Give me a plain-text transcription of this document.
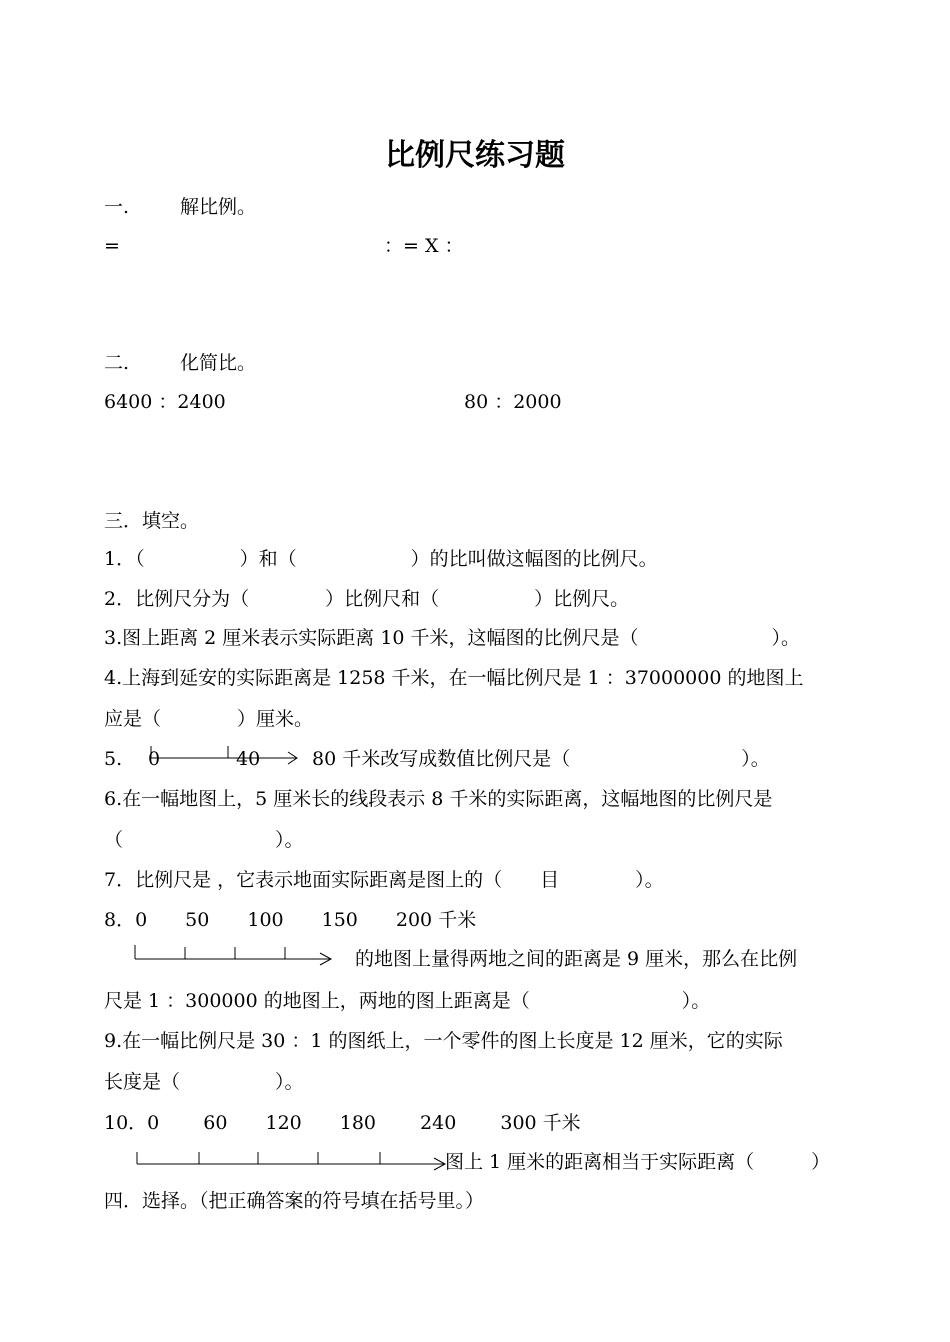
比例尺练习题
一.	解比例。
=	：= X ：
二.	化简比。
6400 ：2400	80 ：2000
三．填空。
1．（　　　　　）和（　　　　　　）的比叫做这幅图的比例尺。
2．比例尺分为（　　　　）比例尺和（　　　　　）比例尺。
3.图上距离 2 厘米表示实际距离 10 千米，这幅图的比例尺是（　　　　　　　）。
4.上海到延安的实际距离是 1258 千米，在一幅比例尺是 1 ：37000000 的地图上
应是（　　　　）厘米。
5. 0	40	80 千米改写成数值比例尺是（　　　　　　　　　）。
6.在一幅地图上，5 厘米长的线段表示 8 千米的实际距离，这幅地图的比例尺是
（　　　　　　　　）。
7．比例尺是 ，它表示地面实际距离是图上的（　　目　　　　）。
8．0　　50　　100　　150　　200 千米
的地图上量得两地之间的距离是 9 厘米，那么在比例
尺是 1 ：300000 的地图上，两地的图上距离是（　　　　　　　　）。
9.在一幅比例尺是 30 ：1 的图纸上，一个零件的图上长度是 12 厘米，它的实际
长度是（　　　　　）。
10．0　　 60　　120　　180　　 240　　 300 千米
图上 1 厘米的距离相当于实际距离（　　　）
四．选择。（把正确答案的符号填在括号里。）
